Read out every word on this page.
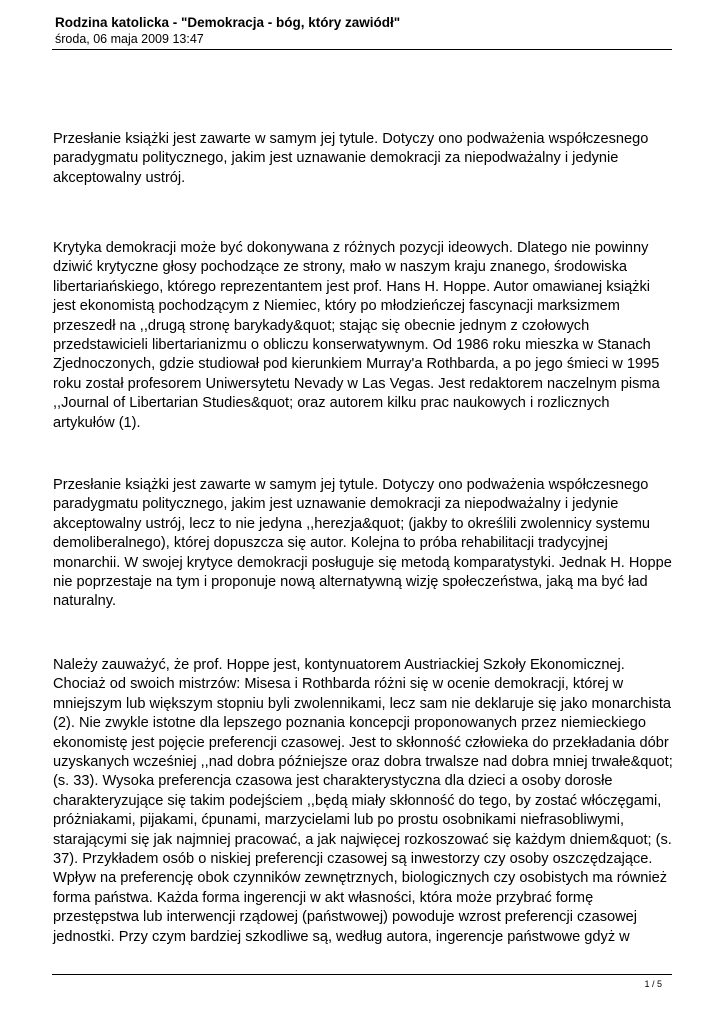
Rodzina katolicka - "Demokracja - bóg, który zawiódł"
środa, 06 maja 2009 13:47

Przesłanie książki jest zawarte w samym jej tytule. Dotyczy ono podważenia współczesnego
paradygmatu politycznego, jakim jest uznawanie demokracji za niepodważalny i jedynie
akceptowalny ustrój.

Krytyka demokracji może być dokonywana z różnych pozycji ideowych. Dlatego nie powinny
dziwić krytyczne głosy pochodzące ze strony, mało w naszym kraju znanego, środowiska
libertariańskiego, którego reprezentantem jest prof. Hans H. Hoppe. Autor omawianej książki
jest ekonomistą pochodzącym z Niemiec, który po młodzieńczej fascynacji marksizmem
przeszedł na ,,drugą stronę barykady&quot; stając się obecnie jednym z czołowych
przedstawicieli libertarianizmu o obliczu konserwatywnym. Od 1986 roku mieszka w Stanach
Zjednoczonych, gdzie studiował pod kierunkiem Murray'a Rothbarda, a po jego śmieci w 1995
roku został profesorem Uniwersytetu Nevady w Las Vegas. Jest redaktorem naczelnym pisma
,,Journal of Libertarian Studies&quot; oraz autorem kilku prac naukowych i rozlicznych
artykułów (1).

Przesłanie książki jest zawarte w samym jej tytule. Dotyczy ono podważenia współczesnego
paradygmatu politycznego, jakim jest uznawanie demokracji za niepodważalny i jedynie
akceptowalny ustrój, lecz to nie jedyna ,,herezja&quot; (jakby to określili zwolennicy systemu
demoliberalnego), której dopuszcza się autor. Kolejna to próba rehabilitacji tradycyjnej
monarchii. W swojej krytyce demokracji posługuje się metodą komparatystyki. Jednak H. Hoppe
nie poprzestaje na tym i proponuje nową alternatywną wizję społeczeństwa, jaką ma być ład
naturalny.

Należy zauważyć, że prof. Hoppe jest, kontynuatorem Austriackiej Szkoły Ekonomicznej.
Chociaż od swoich mistrzów: Misesa i Rothbarda różni się w ocenie demokracji, której w
mniejszym lub większym stopniu byli zwolennikami, lecz sam nie deklaruje się jako monarchista
(2). Nie zwykle istotne dla lepszego poznania koncepcji proponowanych przez niemieckiego
ekonomistę jest pojęcie preferencji czasowej. Jest to skłonność człowieka do przekładania dóbr
uzyskanych wcześniej ,,nad dobra późniejsze oraz dobra trwalsze nad dobra mniej trwałe&quot;
(s. 33). Wysoka preferencja czasowa jest charakterystyczna dla dzieci a osoby dorosłe
charakteryzujące się takim podejściem ,,będą miały skłonność do tego, by zostać włóczęgami,
próżniakami, pijakami, ćpunami, marzycielami lub po prostu osobnikami niefrasobliwymi,
starającymi się jak najmniej pracować, a jak najwięcej rozkoszować się każdym dniem&quot; (s.
37). Przykładem osób o niskiej preferencji czasowej są inwestorzy czy osoby oszczędzające.
Wpływ na preferencję obok czynników zewnętrznych, biologicznych czy osobistych ma również
forma państwa. Każda forma ingerencji w akt własności, która może przybrać formę
przestępstwa lub interwencji rządowej (państwowej) powoduje wzrost preferencji czasowej
jednostki. Przy czym bardziej szkodliwe są, według autora, ingerencje państwowe gdyż w

1 / 5
